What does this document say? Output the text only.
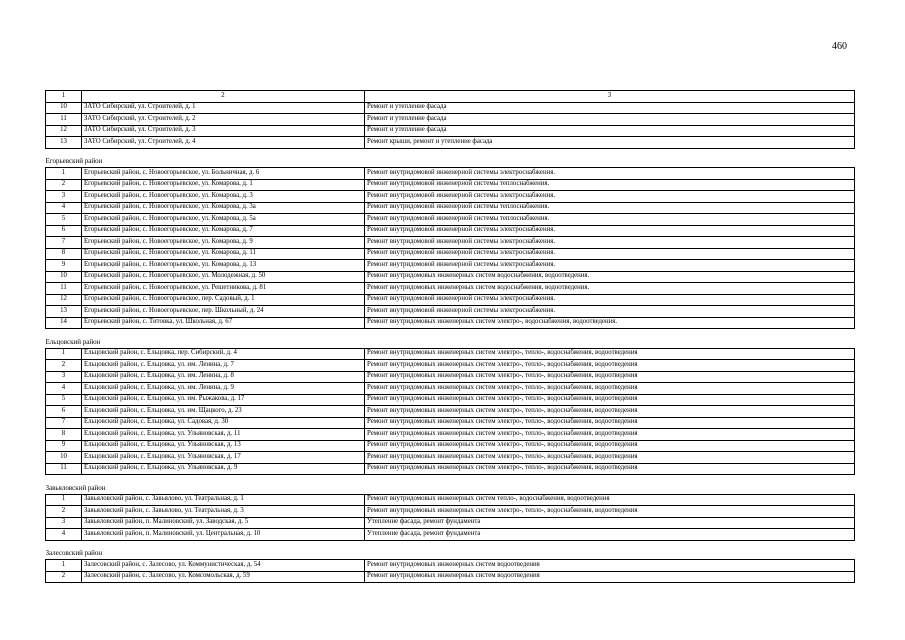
460
1	2	3
10	ЗАТО Сибирский, ул. Строителей, д. 1	Ремонт и утепление фасада
11	ЗАТО Сибирский, ул. Строителей, д. 2	Ремонт и утепление фасада
12	ЗАТО Сибирский, ул. Строителей, д. 3	Ремонт и утепление фасада
13	ЗАТО Сибирский, ул. Строителей, д. 4	Ремонт крыши, ремонт и утепление фасада

Егорьевский район		
1	Егорьевский район, с. Новоегорьевское, ул. Больничная, д. 6	Ремонт внутридомовой инженерной системы электроснабжения.
2	Егорьевский район, с. Новоегорьевское, ул. Комарова, д. 1	Ремонт внутридомовой инженерной системы теплоснабжения.
3	Егорьевский район, с. Новоегорьевское, ул. Комарова, д. 3	Ремонт внутридомовой инженерной системы электроснабжения.
4	Егорьевский район, с. Новоегорьевское, ул. Комарова, д. 3а	Ремонт внутридомовой инженерной системы теплоснабжения.
5	Егорьевский район, с. Новоегорьевское, ул. Комарова, д. 5а	Ремонт внутридомовой инженерной системы теплоснабжения.
6	Егорьевский район, с. Новоегорьевское, ул. Комарова, д. 7	Ремонт внутридомовой инженерной системы электроснабжения.
7	Егорьевский район, с. Новоегорьевское, ул. Комарова, д. 9	Ремонт внутридомовой инженерной системы электроснабжения.
8	Егорьевский район, с. Новоегорьевское, ул. Комарова, д. 11	Ремонт внутридомовой инженерной системы электроснабжения.
9	Егорьевский район, с. Новоегорьевское, ул. Комарова, д. 13	Ремонт внутридомовой инженерной системы электроснабжения.
10	Егорьевский район, с. Новоегорьевское, ул. Молодежная, д. 50	Ремонт внутридомовых инженерных систем водоснабжения, водоотведения.
11	Егорьевский район, с. Новоегорьевское, ул. Решетникова, д. 81	Ремонт внутридомовых инженерных систем водоснабжения, водоотведения.
12	Егорьевский район, с. Новоегорьевское, пер. Садовый, д. 1	Ремонт внутридомовой инженерной системы электроснабжения.
13	Егорьевский район, с. Новоегорьевское, пер. Школьный, д. 24	Ремонт внутридомовой инженерной системы электроснабжения.
14	Егорьевский район, с. Титовка, ул. Школьная, д. 67	Ремонт внутридомовых инженерных систем электро-, водоснабжения, водоотведения.

Ельцовский район		
1	Ельцовский район, с. Ельцовка, пер. Сибирский, д. 4	Ремонт внутридомовых инженерных систем электро-, тепло-, водоснабжения, водоотведения
2	Ельцовский район, с. Ельцовка, ул. им. Ленина, д. 7	Ремонт внутридомовых инженерных систем электро-, тепло-, водоснабжения, водоотведения
3	Ельцовский район, с. Ельцовка, ул. им. Ленина, д. 8	Ремонт внутридомовых инженерных систем электро-, тепло-, водоснабжения, водоотведения
4	Ельцовский район, с. Ельцовка, ул. им. Ленина, д. 9	Ремонт внутридомовых инженерных систем электро-, тепло-, водоснабжения, водоотведения
5	Ельцовский район, с. Ельцовка, ул. им. Рыжакова, д. 17	Ремонт внутридомовых инженерных систем электро-, тепло-, водоснабжения, водоотведения
6	Ельцовский район, с. Ельцовка, ул. им. Щацкого, д. 23	Ремонт внутридомовых инженерных систем электро-, тепло-, водоснабжения, водоотведения
7	Ельцовский район, с. Ельцовка, ул. Садовая, д. 30	Ремонт внутридомовых инженерных систем электро-, тепло-, водоснабжения, водоотведения
8	Ельцовский район, с. Ельцовка, ул. Ульяновская, д. 11	Ремонт внутридомовых инженерных систем электро-, тепло-, водоснабжения, водоотведения
9	Ельцовский район, с. Ельцовка, ул. Ульяновская, д. 13	Ремонт внутридомовых инженерных систем электро-, тепло-, водоснабжения, водоотведения
10	Ельцовский район, с. Ельцовка, ул. Ульяновская, д. 17	Ремонт внутридомовых инженерных систем электро-, тепло-, водоснабжения, водоотведения
11	Ельцовский район, с. Ельцовка, ул. Ульяновская, д. 9	Ремонт внутридомовых инженерных систем электро-, тепло-, водоснабжения, водоотведения

Завьяловский район		
1	Завьяловский район, с. Завьялово, ул. Театральная, д. 1	Ремонт внутридомовых инженерных систем тепло-, водоснабжения, водоотведения
2	Завьяловский район, с. Завьялово, ул. Театральная, д. 3	Ремонт внутридомовых инженерных систем электро-, тепло-, водоснабжения, водоотведения
3	Завьяловский район, п. Малиновский, ул. Заводская, д. 5	Утепление фасада, ремонт фундамента
4	Завьяловский район, п. Малиновский, ул. Центральная, д. 10	Утепление фасада, ремонт фундамента

Залесовский район		
1	Залесовский район, с. Залесово, ул. Коммунистическая, д. 54	Ремонт внутридомовых инженерных систем водоотведения
2	Залесовский район, с. Залесово, ул. Комсомольская, д. 59	Ремонт внутридомовых инженерных систем водоотведения
